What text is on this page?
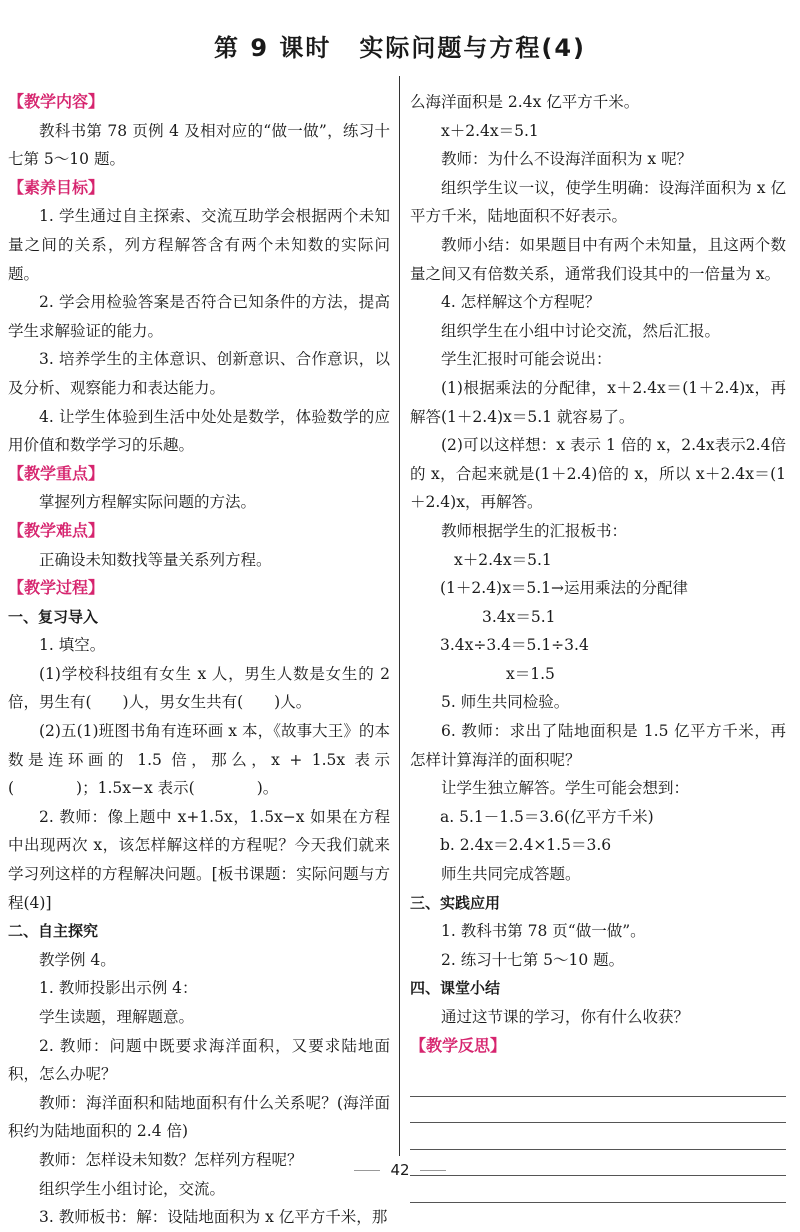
第 9 课时 实际问题与方程(4)

【教学内容】

教科书第 78 页例 4 及相对应的“做一做”，练习十七第 5～10 题。

【素养目标】

1. 学生通过自主探索、交流互助学会根据两个未知量之间的关系，列方程解答含有两个未知数的实际问题。

2. 学会用检验答案是否符合已知条件的方法，提高学生求解验证的能力。

3. 培养学生的主体意识、创新意识、合作意识，以及分析、观察能力和表达能力。

4. 让学生体验到生活中处处是数学，体验数学的应用价值和数学学习的乐趣。

【教学重点】

掌握列方程解实际问题的方法。

【教学难点】

正确设未知数找等量关系列方程。

【教学过程】

一、复习导入

1. 填空。

(1)学校科技组有女生 x 人，男生人数是女生的 2 倍，男生有(　　)人，男女生共有(　　)人。

(2)五(1)班图书角有连环画 x 本，《故事大王》的本数是连环画的 1.5 倍，那么，x + 1.5x 表示(　　　　)；1.5x−x 表示(　　　　)。

2. 教师：像上题中 x+1.5x，1.5x−x 如果在方程中出现两次 x，该怎样解这样的方程呢？今天我们就来学习列这样的方程解决问题。[板书课题：实际问题与方程(4)]

二、自主探究

教学例 4。

1. 教师投影出示例 4：

学生读题，理解题意。

2. 教师：问题中既要求海洋面积，又要求陆地面积，怎么办呢？

教师：海洋面积和陆地面积有什么关系呢？(海洋面积约为陆地面积的 2.4 倍)

教师：怎样设未知数？怎样列方程呢？

组织学生小组讨论，交流。

3. 教师板书：解：设陆地面积为 x 亿平方千米，那

么海洋面积是 2.4x 亿平方千米。

x＋2.4x＝5.1

教师：为什么不设海洋面积为 x 呢？

组织学生议一议，使学生明确：设海洋面积为 x 亿平方千米，陆地面积不好表示。

教师小结：如果题目中有两个未知量，且这两个数量之间又有倍数关系，通常我们设其中的一倍量为 x。

4. 怎样解这个方程呢？

组织学生在小组中讨论交流，然后汇报。

学生汇报时可能会说出：

(1)根据乘法的分配律，x＋2.4x＝(1＋2.4)x，再解答(1＋2.4)x＝5.1 就容易了。

(2)可以这样想：x 表示 1 倍的 x，2.4x表示2.4倍的 x，合起来就是(1＋2.4)倍的 x，所以 x＋2.4x＝(1＋2.4)x，再解答。

教师根据学生的汇报板书：

x＋2.4x＝5.1

(1＋2.4)x＝5.1→运用乘法的分配律

3.4x＝5.1

3.4x÷3.4＝5.1÷3.4

x＝1.5

5. 师生共同检验。

6. 教师：求出了陆地面积是 1.5 亿平方千米，再怎样计算海洋的面积呢？

让学生独立解答。学生可能会想到：

a. 5.1－1.5＝3.6(亿平方千米)

b. 2.4x＝2.4×1.5＝3.6

师生共同完成答题。

三、实践应用

1. 教科书第 78 页“做一做”。

2. 练习十七第 5～10 题。

四、课堂小结

通过这节课的学习，你有什么收获？

【教学反思】

42
